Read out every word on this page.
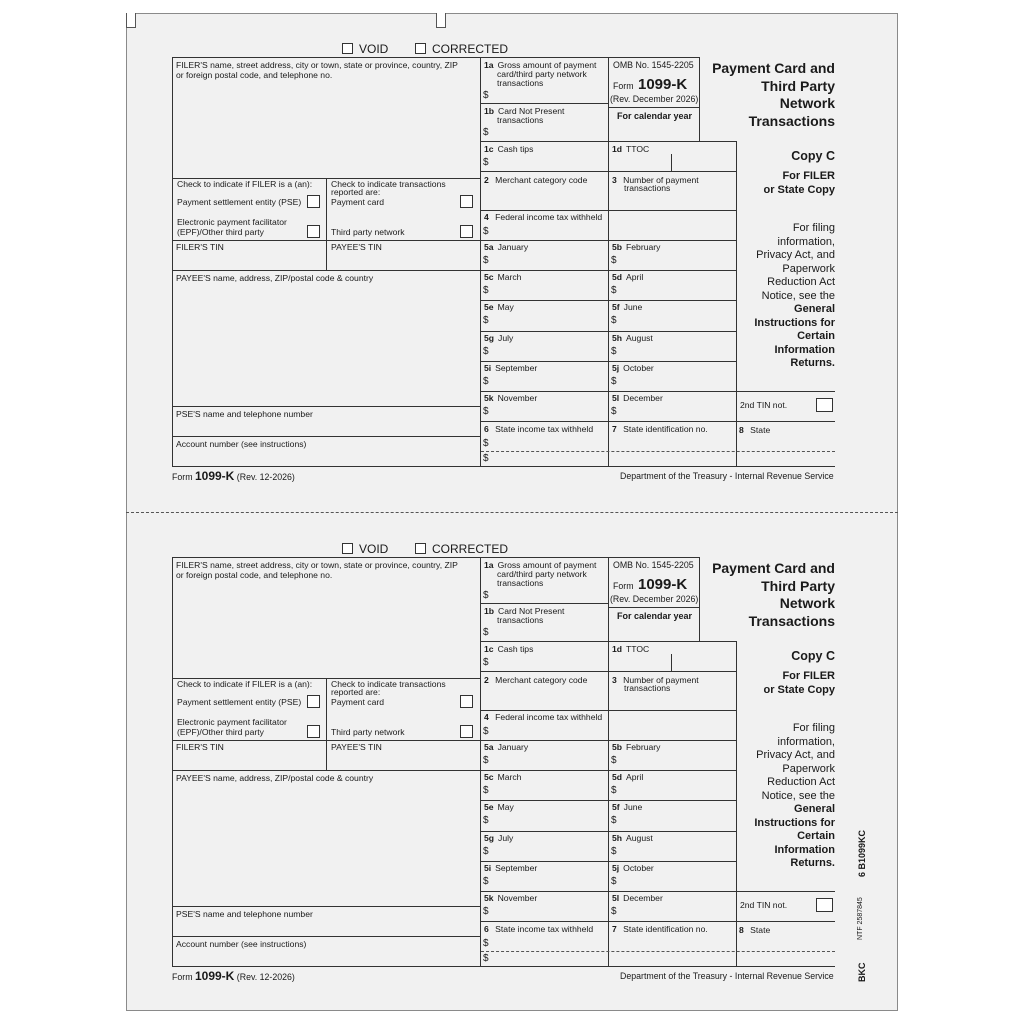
VOID	CORRECTED
FILER'S name, street address, city or town, state or province, country, ZIP
or foreign postal code, and telephone no.
Check to indicate if FILER is a (an):
Payment settlement entity (PSE)
Electronic payment facilitator
(EPF)/Other third party
Check to indicate transactions
reported are:
Payment card
Third party network
FILER'S TIN	PAYEE'S TIN
PAYEE'S name, address, ZIP/postal code & country
PSE'S name and telephone number
Account number (see instructions)
1a Gross amount of payment
card/third party network
transactions
$
1b Card Not Present
transactions
$
OMB No. 1545-2205
Form 1099-K
(Rev. December 2026)
For calendar year
Payment Card and
Third Party
Network
Transactions
Copy C
For FILER
or State Copy
For filing
information,
Privacy Act, and
Paperwork
Reduction Act
Notice, see the
General
Instructions for
Certain
Information
Returns.
2nd TIN not.
1c Cash tips
$
1d TTOC
2 Merchant category code	3 Number of payment
transactions
4 Federal income tax withheld
$
5a January
$
5b February
$
5c March
$
5d April
$
5e May
$
5f June
$
5g July
$
5h August
$
5i September
$
5j October
$
5k November
$
5l December
$
6 State income tax withheld
$
$
7 State identification no.	8 State
Form 1099-K (Rev. 12-2026)	Department of the Treasury - Internal Revenue Service
VOID	CORRECTED
FILER'S name, street address, city or town, state or province, country, ZIP
or foreign postal code, and telephone no.
Check to indicate if FILER is a (an):
Payment settlement entity (PSE)
Electronic payment facilitator
(EPF)/Other third party
Check to indicate transactions
reported are:
Payment card
Third party network
FILER'S TIN	PAYEE'S TIN
PAYEE'S name, address, ZIP/postal code & country
PSE'S name and telephone number
Account number (see instructions)
1a Gross amount of payment
card/third party network
transactions
$
1b Card Not Present
transactions
$
OMB No. 1545-2205
Form 1099-K
(Rev. December 2026)
For calendar year
Payment Card and
Third Party
Network
Transactions
Copy C
For FILER
or State Copy
For filing
information,
Privacy Act, and
Paperwork
Reduction Act
Notice, see the
General
Instructions for
Certain
Information
Returns.
2nd TIN not.
1c Cash tips
$
1d TTOC
2 Merchant category code	3 Number of payment
transactions
4 Federal income tax withheld
$
5a January
$
5b February
$
5c March
$
5d April
$
5e May
$
5f June
$
5g July
$
5h August
$
5i September
$
5j October
$
5k November
$
5l December
$
6 State income tax withheld
$
$
7 State identification no.	8 State
Form 1099-K (Rev. 12-2026)	Department of the Treasury - Internal Revenue Service
6 B1099KC
NTF 2587845
BKC
